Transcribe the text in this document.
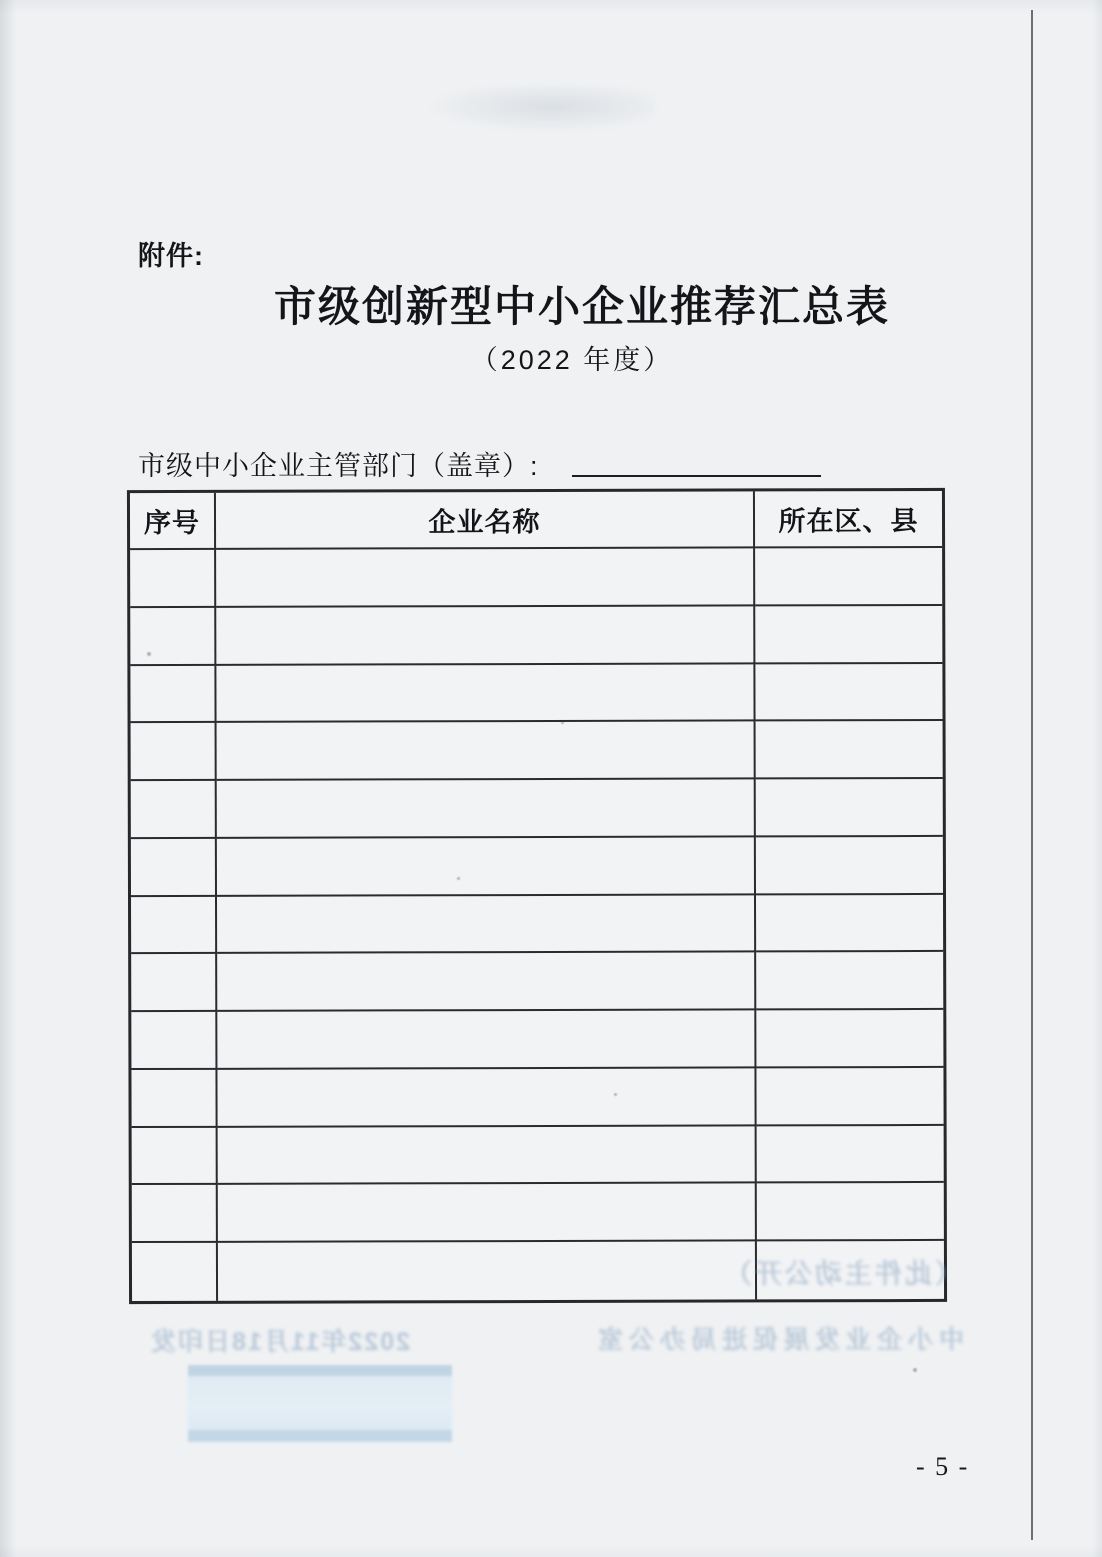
附件:
市级创新型中小企业推荐汇总表
（2022 年度）
市级中小企业主管部门（盖章）:
序号	企业名称	所在区、县
（此件主动公开）
中小企业发展促进局办公室
2022年11月18日印发
- 5 -
